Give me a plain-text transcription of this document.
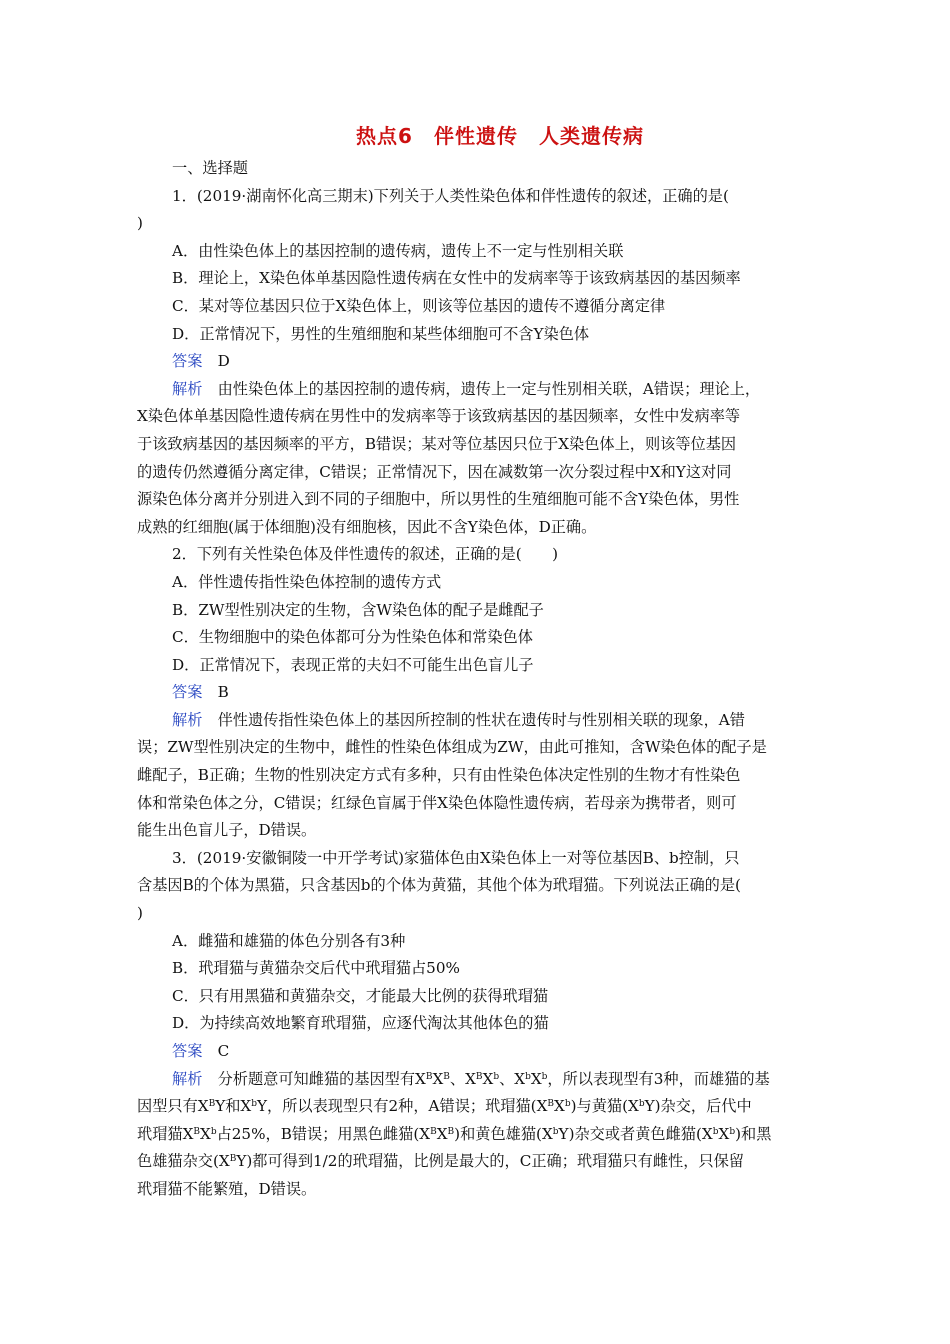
热点6　伴性遗传　人类遗传病
一、选择题
1．(2019·湖南怀化高三期末)下列关于人类性染色体和伴性遗传的叙述，正确的是(
)
A．由性染色体上的基因控制的遗传病，遗传上不一定与性别相关联
B．理论上，X染色体单基因隐性遗传病在女性中的发病率等于该致病基因的基因频率
C．某对等位基因只位于X染色体上，则该等位基因的遗传不遵循分离定律
D．正常情况下，男性的生殖细胞和某些体细胞可不含Y染色体
答案　 D
解析　 由性染色体上的基因控制的遗传病，遗传上一定与性别相关联，A错误；理论上，
X染色体单基因隐性遗传病在男性中的发病率等于该致病基因的基因频率，女性中发病率等
于该致病基因的基因频率的平方，B错误；某对等位基因只位于X染色体上，则该等位基因
的遗传仍然遵循分离定律，C错误；正常情况下，因在减数第一次分裂过程中X和Y这对同
源染色体分离并分别进入到不同的子细胞中，所以男性的生殖细胞可能不含Y染色体，男性
成熟的红细胞(属于体细胞)没有细胞核，因此不含Y染色体，D正确。
2．下列有关性染色体及伴性遗传的叙述，正确的是(　　)
A．伴性遗传指性染色体控制的遗传方式
B．ZW型性别决定的生物，含W染色体的配子是雌配子
C．生物细胞中的染色体都可分为性染色体和常染色体
D．正常情况下，表现正常的夫妇不可能生出色盲儿子
答案　 B
解析　 伴性遗传指性染色体上的基因所控制的性状在遗传时与性别相关联的现象，A错
误；ZW型性别决定的生物中，雌性的性染色体组成为ZW，由此可推知，含W染色体的配子是
雌配子，B正确；生物的性别决定方式有多种，只有由性染色体决定性别的生物才有性染色
体和常染色体之分，C错误；红绿色盲属于伴X染色体隐性遗传病，若母亲为携带者，则可
能生出色盲儿子，D错误。
3．(2019·安徽铜陵一中开学考试)家猫体色由X染色体上一对等位基因B、b控制，只
含基因B的个体为黑猫，只含基因b的个体为黄猫，其他个体为玳瑁猫。下列说法正确的是(
)
A．雌猫和雄猫的体色分别各有3种
B．玳瑁猫与黄猫杂交后代中玳瑁猫占50%
C．只有用黑猫和黄猫杂交，才能最大比例的获得玳瑁猫
D．为持续高效地繁育玳瑁猫，应逐代淘汰其他体色的猫
答案　 C
解析　 分析题意可知雌猫的基因型有$X^BX^B$、$X^BX^b$、$X^bX^b$，所以表现型有3种，而雄猫的基
因型只有$X^BY$和$X^bY$，所以表现型只有2种，A错误；玳瑁猫$(X^BX^b)$与黄猫$(X^bY)$杂交，后代中
玳瑁猫$X^BX^b$占25%，B错误；用黑色雌猫$(X^BX^B)$和黄色雄猫$(X^bY)$杂交或者黄色雌猫$(X^bX^b)$和黑
色雄猫杂交$(X^BY)$都可得到1/2的玳瑁猫，比例是最大的，C正确；玳瑁猫只有雌性，只保留
玳瑁猫不能繁殖，D错误。
